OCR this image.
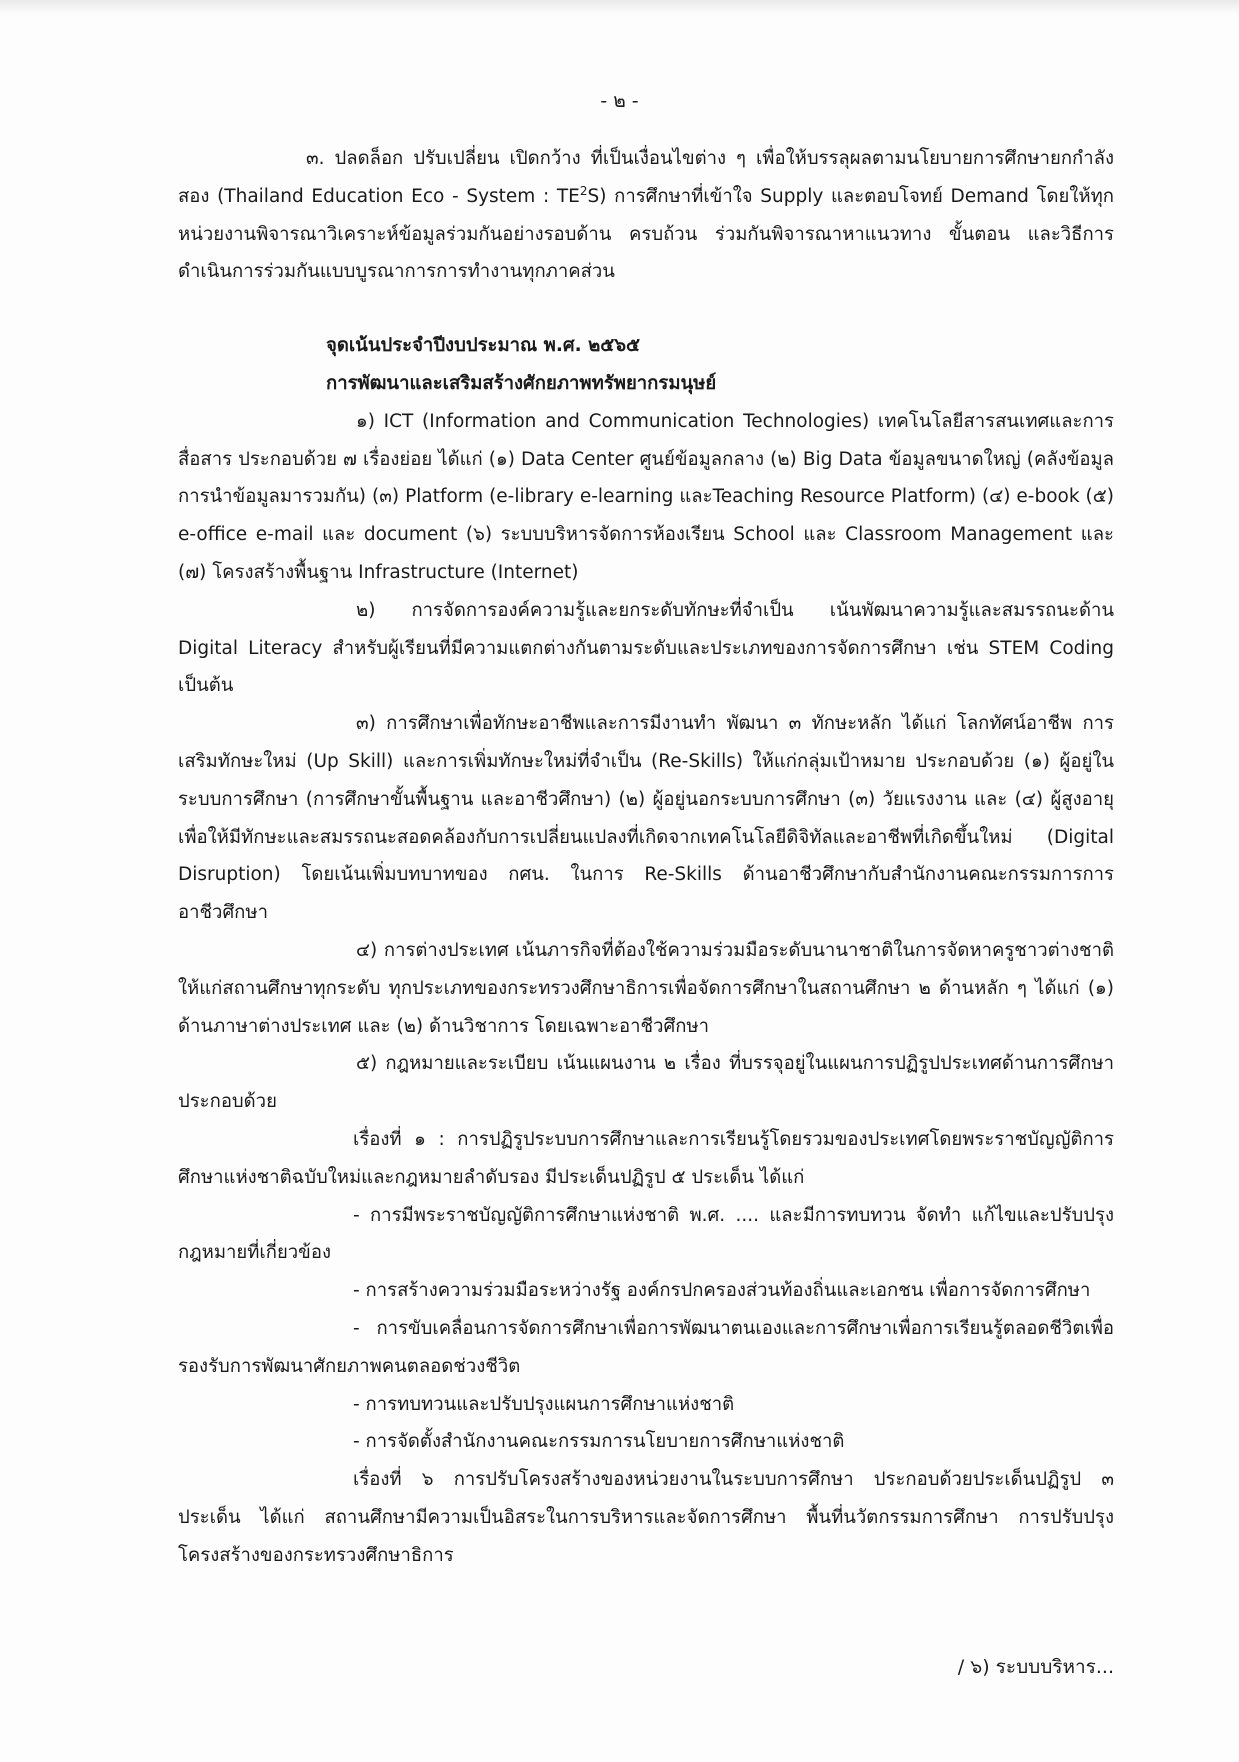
- ๒ -

๓. ปลดล็อก ปรับเปลี่ยน เปิดกว้าง ที่เป็นเงื่อนไขต่าง ๆ เพื่อให้บรรลุผลตามนโยบายการศึกษายกกำลังสอง (Thailand Education Eco - System : $TE^2S$) การศึกษาที่เข้าใจ Supply และตอบโจทย์ Demand โดยให้ทุกหน่วยงานพิจารณาวิเคราะห์ข้อมูลร่วมกันอย่างรอบด้าน ครบถ้วน ร่วมกันพิจารณาหาแนวทาง ขั้นตอน และวิธีการดำเนินการร่วมกันแบบบูรณาการการทำงานทุกภาคส่วน

จุดเน้นประจำปีงบประมาณ พ.ศ. ๒๕๖๕

การพัฒนาและเสริมสร้างศักยภาพทรัพยากรมนุษย์

๑) ICT (Information and Communication Technologies) เทคโนโลยีสารสนเทศและการสื่อสาร ประกอบด้วย ๗ เรื่องย่อย ได้แก่ (๑) Data Center ศูนย์ข้อมูลกลาง (๒) Big Data ข้อมูลขนาดใหญ่ (คลังข้อมูล การนำข้อมูลมารวมกัน) (๓) Platform (e-library e-learning และTeaching Resource Platform) (๔) e-book (๕) e-office e-mail และ document (๖) ระบบบริหารจัดการห้องเรียน School และ Classroom Management และ (๗) โครงสร้างพื้นฐาน Infrastructure (Internet)

๒) การจัดการองค์ความรู้และยกระดับทักษะที่จำเป็น เน้นพัฒนาความรู้และสมรรถนะด้าน Digital Literacy สำหรับผู้เรียนที่มีความแตกต่างกันตามระดับและประเภทของการจัดการศึกษา เช่น STEM Coding เป็นต้น

๓) การศึกษาเพื่อทักษะอาชีพและการมีงานทำ พัฒนา ๓ ทักษะหลัก ได้แก่ โลกทัศน์อาชีพ การเสริมทักษะใหม่ (Up Skill) และการเพิ่มทักษะใหม่ที่จำเป็น (Re-Skills) ให้แก่กลุ่มเป้าหมาย ประกอบด้วย (๑) ผู้อยู่ในระบบการศึกษา (การศึกษาขั้นพื้นฐาน และอาชีวศึกษา) (๒) ผู้อยู่นอกระบบการศึกษา (๓) วัยแรงงาน และ (๔) ผู้สูงอายุ เพื่อให้มีทักษะและสมรรถนะสอดคล้องกับการเปลี่ยนแปลงที่เกิดจากเทคโนโลยีดิจิทัลและอาชีพที่เกิดขึ้นใหม่ (Digital Disruption) โดยเน้นเพิ่มบทบาทของ กศน. ในการ Re-Skills ด้านอาชีวศึกษากับสำนักงานคณะกรรมการการอาชีวศึกษา

๔) การต่างประเทศ เน้นภารกิจที่ต้องใช้ความร่วมมือระดับนานาชาติในการจัดหาครูชาวต่างชาติให้แก่สถานศึกษาทุกระดับ ทุกประเภทของกระทรวงศึกษาธิการเพื่อจัดการศึกษาในสถานศึกษา ๒ ด้านหลัก ๆ ได้แก่ (๑) ด้านภาษาต่างประเทศ และ (๒) ด้านวิชาการ โดยเฉพาะอาชีวศึกษา

๕) กฎหมายและระเบียบ เน้นแผนงาน ๒ เรื่อง ที่บรรจุอยู่ในแผนการปฏิรูปประเทศด้านการศึกษา ประกอบด้วย

เรื่องที่ ๑ : การปฏิรูประบบการศึกษาและการเรียนรู้โดยรวมของประเทศโดยพระราชบัญญัติการศึกษาแห่งชาติฉบับใหม่และกฎหมายลำดับรอง มีประเด็นปฏิรูป ๕ ประเด็น ได้แก่

- การมีพระราชบัญญัติการศึกษาแห่งชาติ พ.ศ. .... และมีการทบทวน จัดทำ แก้ไขและปรับปรุงกฎหมายที่เกี่ยวข้อง

- การสร้างความร่วมมือระหว่างรัฐ องค์กรปกครองส่วนท้องถิ่นและเอกชน เพื่อการจัดการศึกษา

- การขับเคลื่อนการจัดการศึกษาเพื่อการพัฒนาตนเองและการศึกษาเพื่อการเรียนรู้ตลอดชีวิตเพื่อรองรับการพัฒนาศักยภาพคนตลอดช่วงชีวิต

- การทบทวนและปรับปรุงแผนการศึกษาแห่งชาติ

- การจัดตั้งสำนักงานคณะกรรมการนโยบายการศึกษาแห่งชาติ

เรื่องที่ ๖ การปรับโครงสร้างของหน่วยงานในระบบการศึกษา ประกอบด้วยประเด็นปฏิรูป ๓ ประเด็น ได้แก่ สถานศึกษามีความเป็นอิสระในการบริหารและจัดการศึกษา พื้นที่นวัตกรรมการศึกษา การปรับปรุงโครงสร้างของกระทรวงศึกษาธิการ

/ ๖) ระบบบริหาร...
